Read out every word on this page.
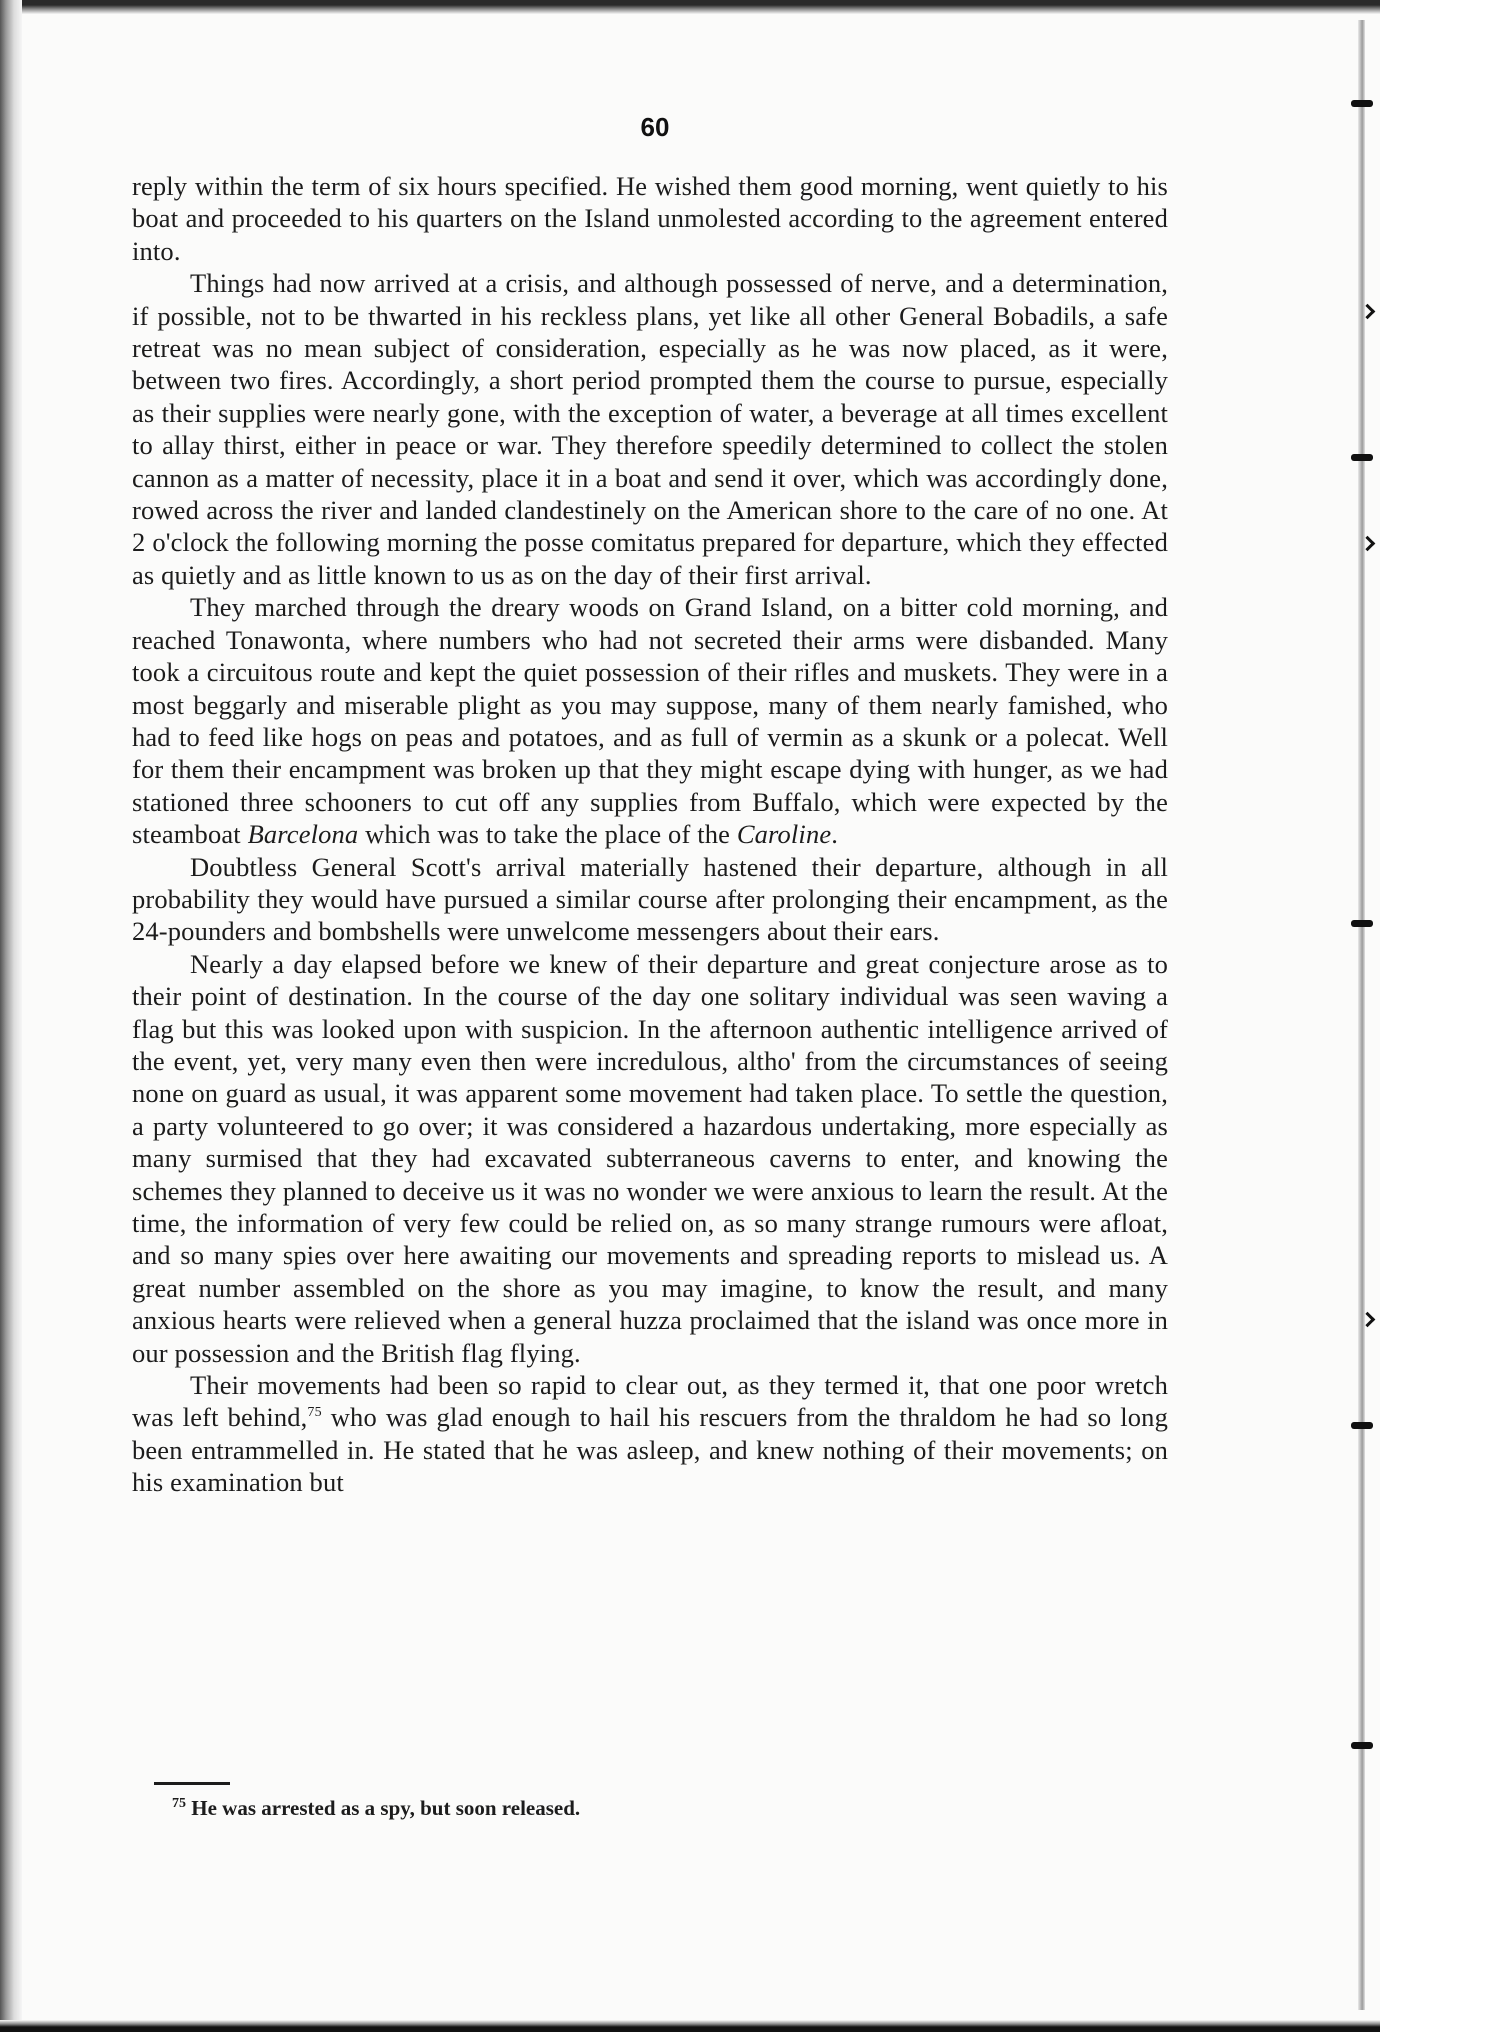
60

reply within the term of six hours specified. He wished them good morning, went quietly to his boat and proceeded to his quarters on the Island unmolested according to the agreement entered into.

Things had now arrived at a crisis, and although possessed of nerve, and a determination, if possible, not to be thwarted in his reckless plans, yet like all other General Bobadils, a safe retreat was no mean subject of consideration, especially as he was now placed, as it were, between two fires. Accordingly, a short period prompted them the course to pursue, especially as their supplies were nearly gone, with the exception of water, a beverage at all times excellent to allay thirst, either in peace or war. They therefore speedily determined to collect the stolen cannon as a matter of necessity, place it in a boat and send it over, which was accordingly done, rowed across the river and landed clandestinely on the American shore to the care of no one. At 2 o'clock the following morning the posse comitatus prepared for departure, which they effected as quietly and as little known to us as on the day of their first arrival.

They marched through the dreary woods on Grand Island, on a bitter cold morning, and reached Tonawonta, where numbers who had not secreted their arms were disbanded. Many took a circuitous route and kept the quiet possession of their rifles and muskets. They were in a most beggarly and miserable plight as you may suppose, many of them nearly famished, who had to feed like hogs on peas and potatoes, and as full of vermin as a skunk or a polecat. Well for them their encampment was broken up that they might escape dying with hunger, as we had stationed three schooners to cut off any supplies from Buffalo, which were expected by the steamboat Barcelona which was to take the place of the Caroline.

Doubtless General Scott's arrival materially hastened their departure, although in all probability they would have pursued a similar course after prolonging their encampment, as the 24-pounders and bombshells were unwelcome messengers about their ears.

Nearly a day elapsed before we knew of their departure and great conjecture arose as to their point of destination. In the course of the day one solitary individual was seen waving a flag but this was looked upon with suspicion. In the afternoon authentic intelligence arrived of the event, yet, very many even then were incredulous, altho' from the circumstances of seeing none on guard as usual, it was apparent some movement had taken place. To settle the question, a party volunteered to go over; it was considered a hazardous undertaking, more especially as many surmised that they had excavated subterraneous caverns to enter, and knowing the schemes they planned to deceive us it was no wonder we were anxious to learn the result. At the time, the information of very few could be relied on, as so many strange rumours were afloat, and so many spies over here awaiting our movements and spreading reports to mislead us. A great number assembled on the shore as you may imagine, to know the result, and many anxious hearts were relieved when a general huzza proclaimed that the island was once more in our possession and the British flag flying.

Their movements had been so rapid to clear out, as they termed it, that one poor wretch was left behind,$^{75}$ who was glad enough to hail his rescuers from the thraldom he had so long been entrammelled in. He stated that he was asleep, and knew nothing of their movements; on his examination but

$^{75}$ He was arrested as a spy, but soon released.
